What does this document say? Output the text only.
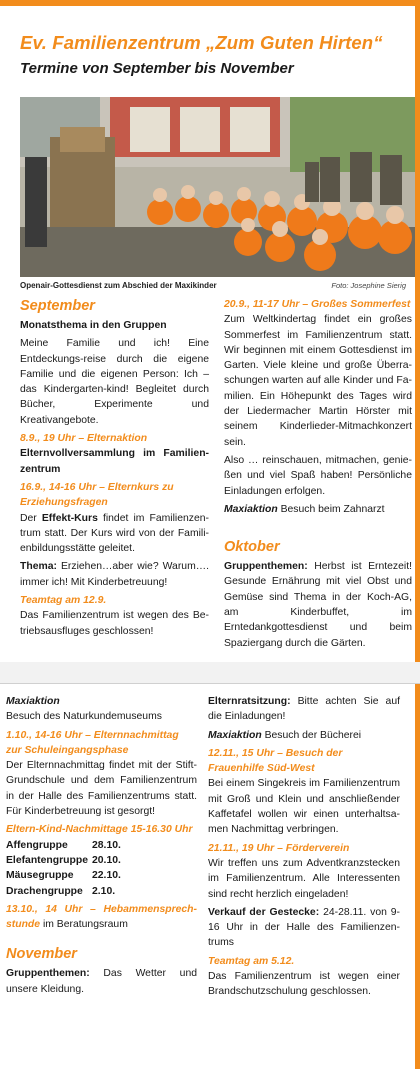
Ev. Familienzentrum „Zum Guten Hirten“
Termine von September bis November
Openair-Gottesdienst zum Abschied der Maxikinder	Foto: Josephine Sierig
September

Monatsthema in den Gruppen

Meine Familie und ich! Eine Entdeckungs-reise durch die eigene Familie und die eigenen Person: Ich – das Kindergarten-kind! Begleitet durch Bücher, Experimente und Kreativangebote.

8.9., 19 Uhr – Elternaktion

Elternvollversammlung im Familien-zentrum

16.9., 14-16 Uhr – Elternkurs zu Erziehungsfragen

Der Effekt-Kurs findet im Familienzen-trum statt. Der Kurs wird von der Famili-enbildungsstätte geleitet.

Thema: Erziehen…aber wie? Warum…. immer ich! Mit Kinderbetreuung!

Teamtag am 12.9.

Das Familienzentrum ist wegen des Be-triebsausfluges geschlossen!

20.9., 11-17 Uhr – Großes Sommerfest

Zum Weltkindertag findet ein großes Sommerfest im Familienzentrum statt. Wir beginnen mit einem Gottesdienst im Garten. Viele kleine und große Überra-schungen warten auf alle Kinder und Fa-milien. Ein Höhepunkt des Tages wird der Liedermacher Martin Hörster mit seinem Kinderlieder-Mitmachkonzert sein.

Also … reinschauen, mitmachen, genie-ßen und viel Spaß haben! Persönliche Einladungen erfolgen.

Maxiaktion Besuch beim Zahnarzt

Oktober

Gruppenthemen: Herbst ist Erntezeit! Gesunde Ernährung mit viel Obst und Gemüse sind Thema in der Koch-AG, am Kinderbuffet, im Erntedankgottesdienst und beim Spaziergang durch die Gärten.

Maxiaktion

Besuch des Naturkundemuseums

1.10., 14-16 Uhr – Elternnachmittag zur Schuleingangsphase

Der Elternnachmittag findet mit der Stift-Grundschule und dem Familienzentrum in der Halle des Familienzentrums statt. Für Kinderbetreuung ist gesorgt!

Eltern-Kind-Nachmittage 15-16.30 Uhr
Affengruppe	28.10.
Elefantengruppe 20.10.
Mäusegruppe	22.10.
Drachengruppe 2.10.

13.10., 14 Uhr – Hebammensprech-stunde im Beratungsraum

November

Gruppenthemen: Das Wetter und unsere Kleidung.

Elternratsitzung: Bitte achten Sie auf die Einladungen!

Maxiaktion Besuch der Bücherei

12.11., 15 Uhr – Besuch der Frauenhilfe Süd-West

Bei einem Singekreis im Familienzentrum mit Groß und Klein und anschließender Kaffetafel wollen wir einen unterhaltsa-men Nachmittag verbringen.

21.11., 19 Uhr – Förderverein

Wir treffen uns zum Adventkranzstecken im Familienzentrum. Alle Interessenten sind recht herzlich eingeladen!

Verkauf der Gestecke: 24-28.11. von 9-16 Uhr in der Halle des Familienzen-trums

Teamtag am 5.12.

Das Familienzentrum ist wegen einer Brandschutzschulung geschlossen.
